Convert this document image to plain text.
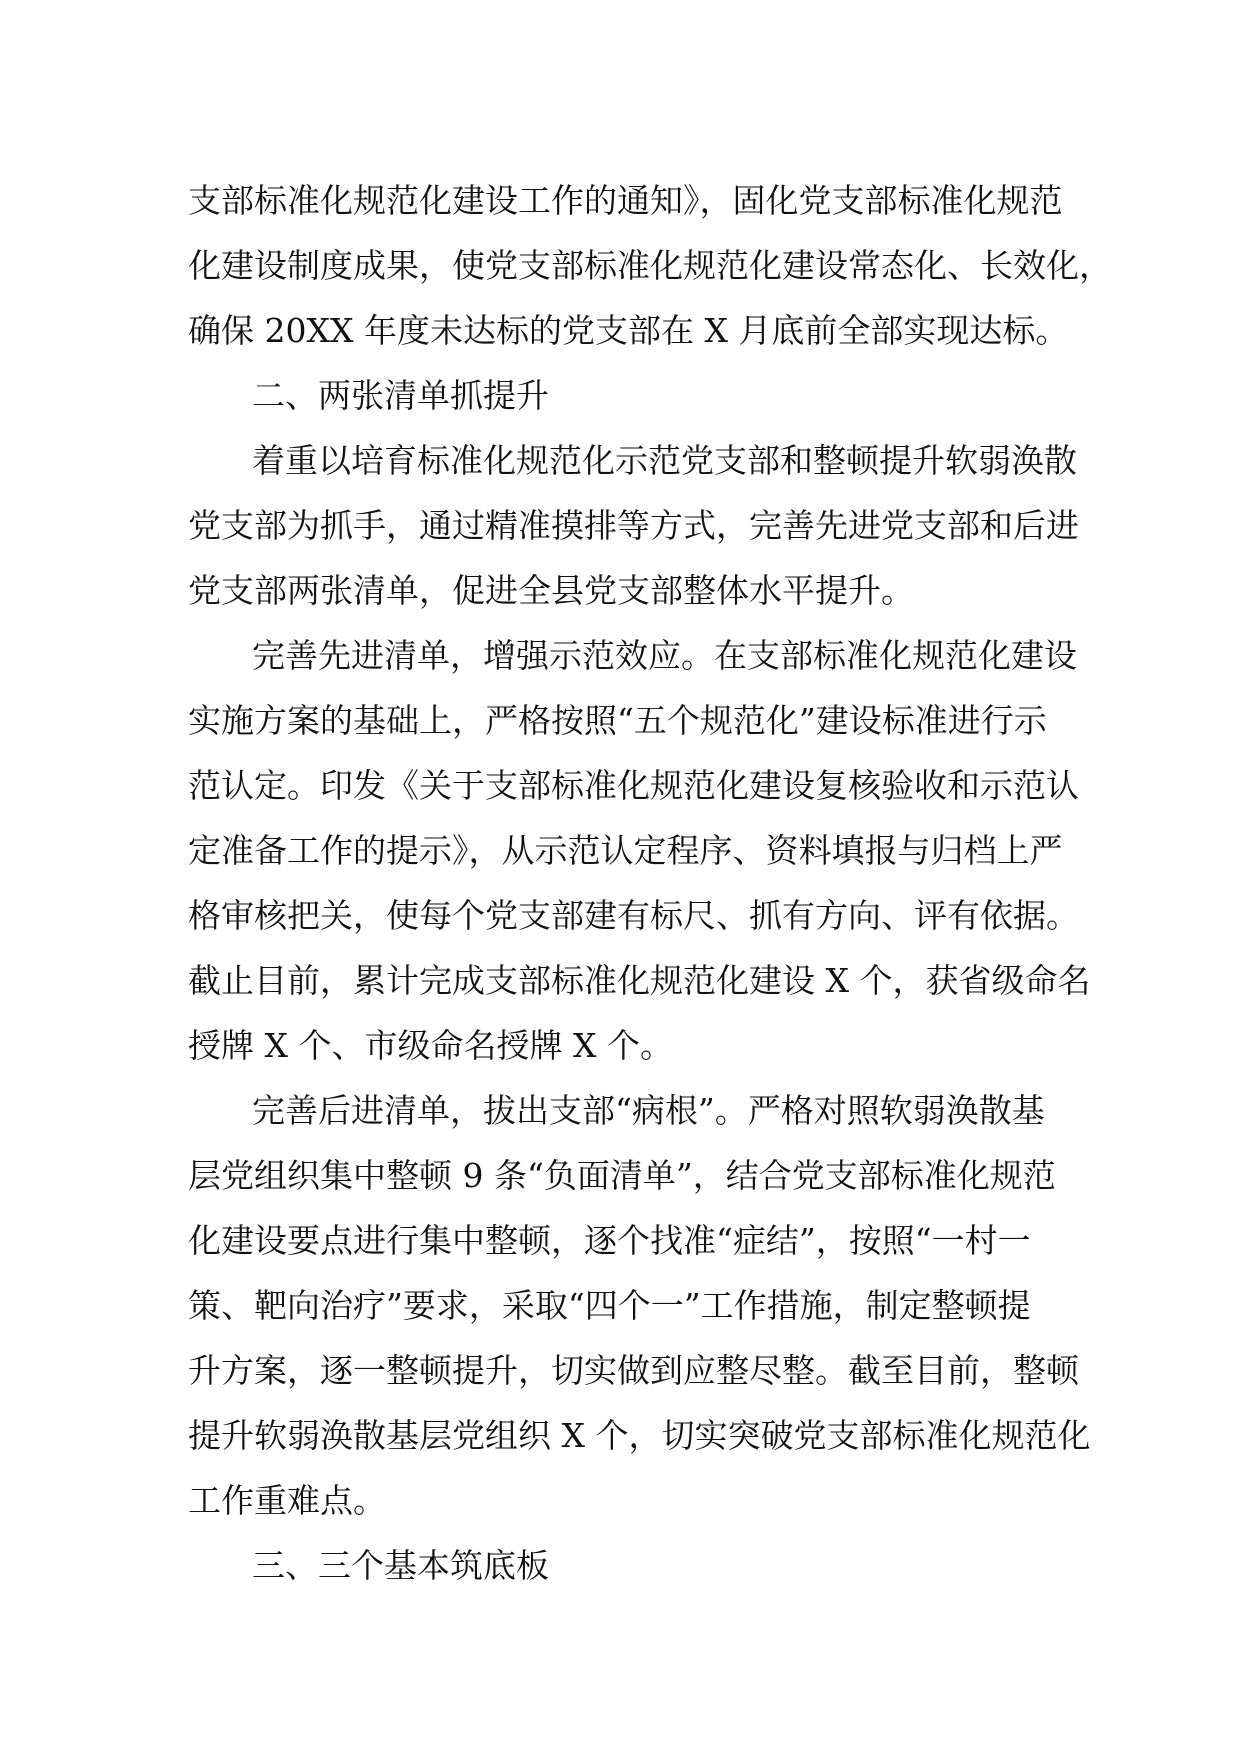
支部标准化规范化建设工作的通知》，固化党支部标准化规范
化建设制度成果，使党支部标准化规范化建设常态化、长效化，
确保 20XX 年度未达标的党支部在 X 月底前全部实现达标。
二、两张清单抓提升
着重以培育标准化规范化示范党支部和整顿提升软弱涣散
党支部为抓手，通过精准摸排等方式，完善先进党支部和后进
党支部两张清单，促进全县党支部整体水平提升。
完善先进清单，增强示范效应。在支部标准化规范化建设
实施方案的基础上，严格按照“五个规范化”建设标准进行示
范认定。印发《关于支部标准化规范化建设复核验收和示范认
定准备工作的提示》，从示范认定程序、资料填报与归档上严
格审核把关，使每个党支部建有标尺、抓有方向、评有依据。
截止目前，累计完成支部标准化规范化建设 X 个，获省级命名
授牌 X 个、市级命名授牌 X 个。
完善后进清单，拔出支部“病根”。严格对照软弱涣散基
层党组织集中整顿 9 条“负面清单”，结合党支部标准化规范
化建设要点进行集中整顿，逐个找准“症结”，按照“一村一
策、靶向治疗”要求，采取“四个一”工作措施，制定整顿提
升方案，逐一整顿提升，切实做到应整尽整。截至目前，整顿
提升软弱涣散基层党组织 X 个，切实突破党支部标准化规范化
工作重难点。
三、三个基本筑底板
